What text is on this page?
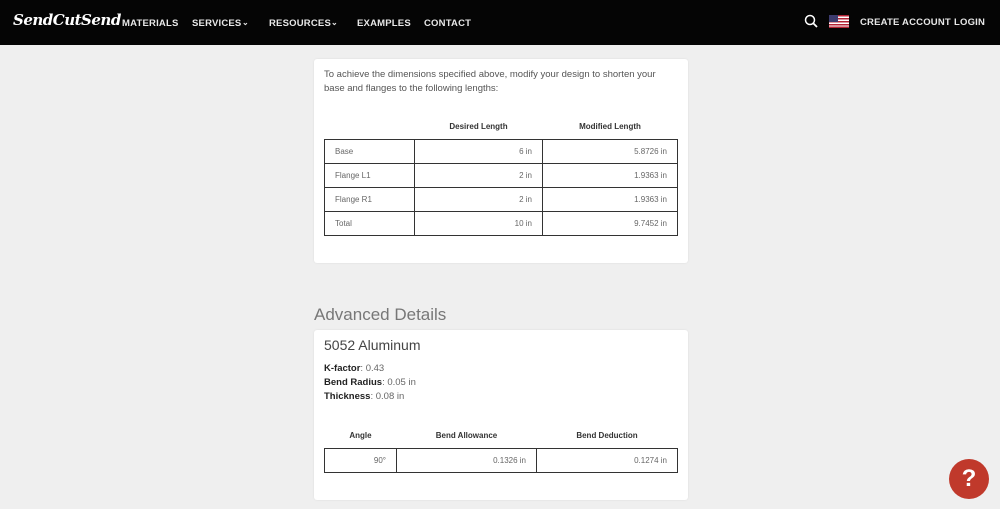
SendCutSend MATERIALS SERVICES ⌄ RESOURCES ⌄ EXAMPLES CONTACT	CREATE ACCOUNT LOGIN

To achieve the dimensions specified above, modify your design to shorten your base and flanges to the following lengths:

	Desired Length	Modified Length
Base	6 in	5.8726 in
Flange L1	2 in	1.9363 in
Flange R1	2 in	1.9363 in
Total	10 in	9.7452 in
Advanced Details
5052 Aluminum
K-factor: 0.43
Bend Radius: 0.05 in
Thickness: 0.08 in
Angle	Bend Allowance	Bend Deduction
90°	0.1326 in	0.1274 in
?
